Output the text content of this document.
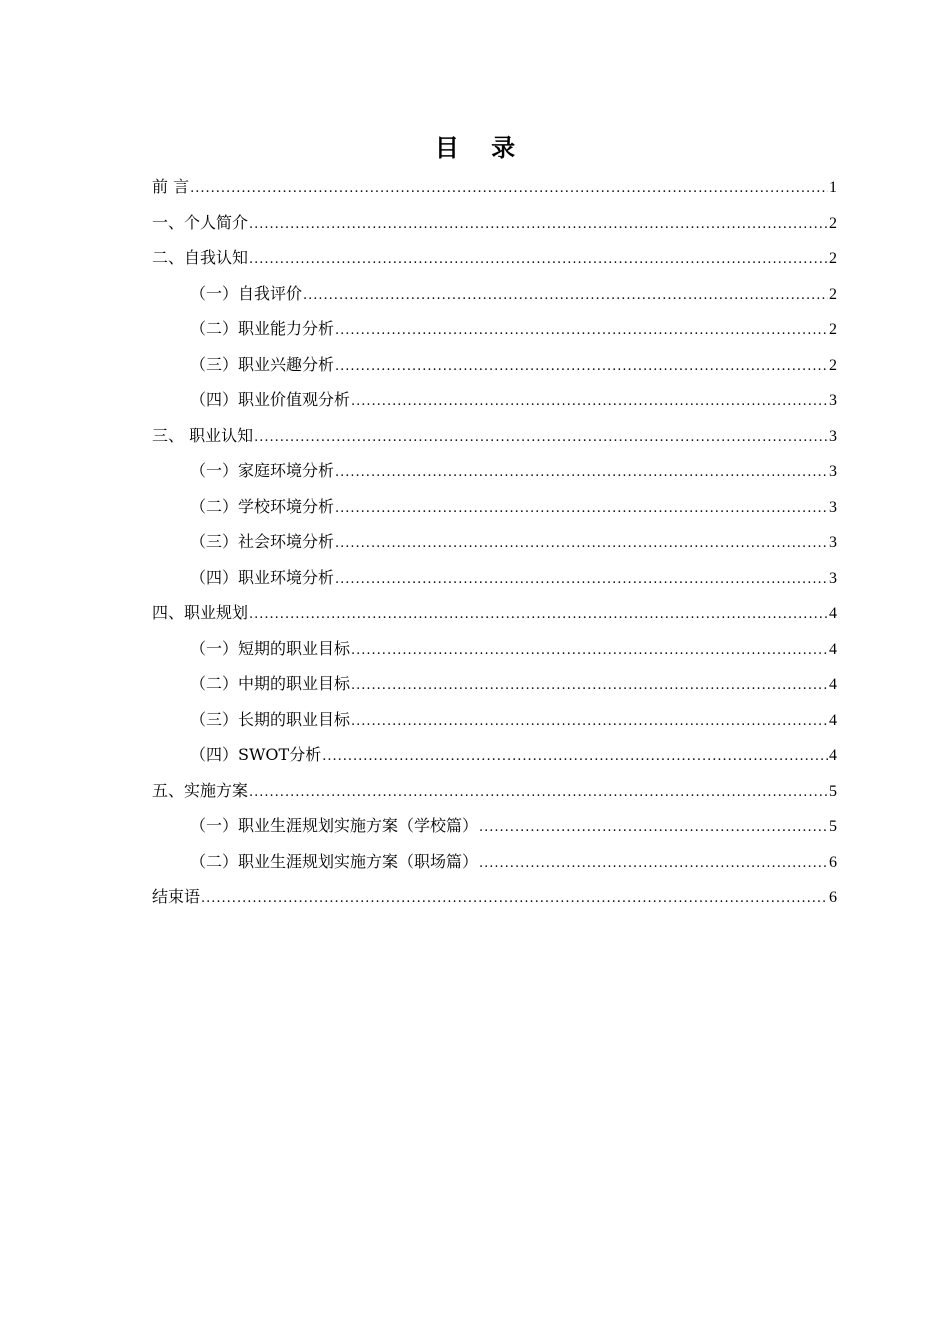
目 录
前 言 .....	1
一、个人简介 .....	2
二、自我认知 .....	2
（一）自我评价 .....	2
（二）职业能力分析 .....	2
（三）职业兴趣分析 .....	2
（四）职业价值观分析 .....	3
三、 职业认知 .....	3
（一）家庭环境分析 .....	3
（二）学校环境分析 .....	3
（三）社会环境分析 .....	3
（四）职业环境分析 .....	3
四、职业规划 .....	4
（一）短期的职业目标 .....	4
（二）中期的职业目标 .....	4
（三）长期的职业目标 .....	4
（四）SWOT分析 .....	4
五、实施方案 .....	5
（一）职业生涯规划实施方案（学校篇） .....	5
（二）职业生涯规划实施方案（职场篇） .....	6
结束语 .....	6
